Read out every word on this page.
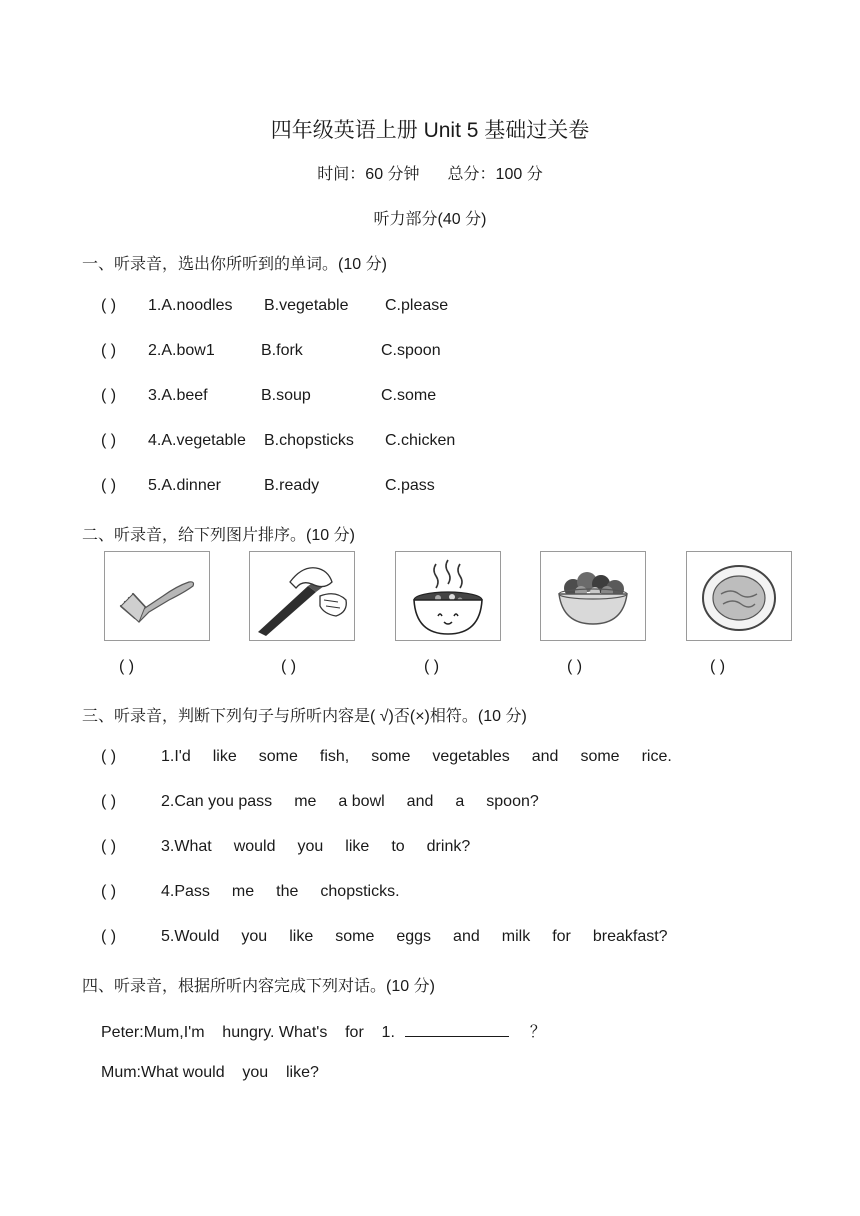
四年级英语上册 Unit 5 基础过关卷
时间：60 分钟 总分：100 分
听力部分(40 分)
一、听录音，选出你所听到的单词。(10 分)
( ) 1.A.noodles B.vegetable C.please
( ) 2.A.bow1	B.fork	C.spoon
( ) 3.A.beef	B.soup	C.some
( ) 4.A.vegetable B.chopsticks C.chicken
( ) 5.A.dinner	B.ready	C.pass
二、听录音，给下列图片排序。(10 分)
( )	( )	( )	( )	( )
三、听录音，判断下列句子与所听内容是( √)否(×)相符。(10 分)
( )	1.I'd like some fish, some vegetables and some rice.
( )	2.Can you pass me a bowl and a spoon?
( )	3.What would you like to drink?
( )	4.Pass me the chopsticks.
( )	5.Would you like some eggs and milk for breakfast?
四、听录音，根据所听内容完成下列对话。(10 分)
Peter:Mum,I'm    hungry. What's    for    1.	？
Mum:What would    you    like?
